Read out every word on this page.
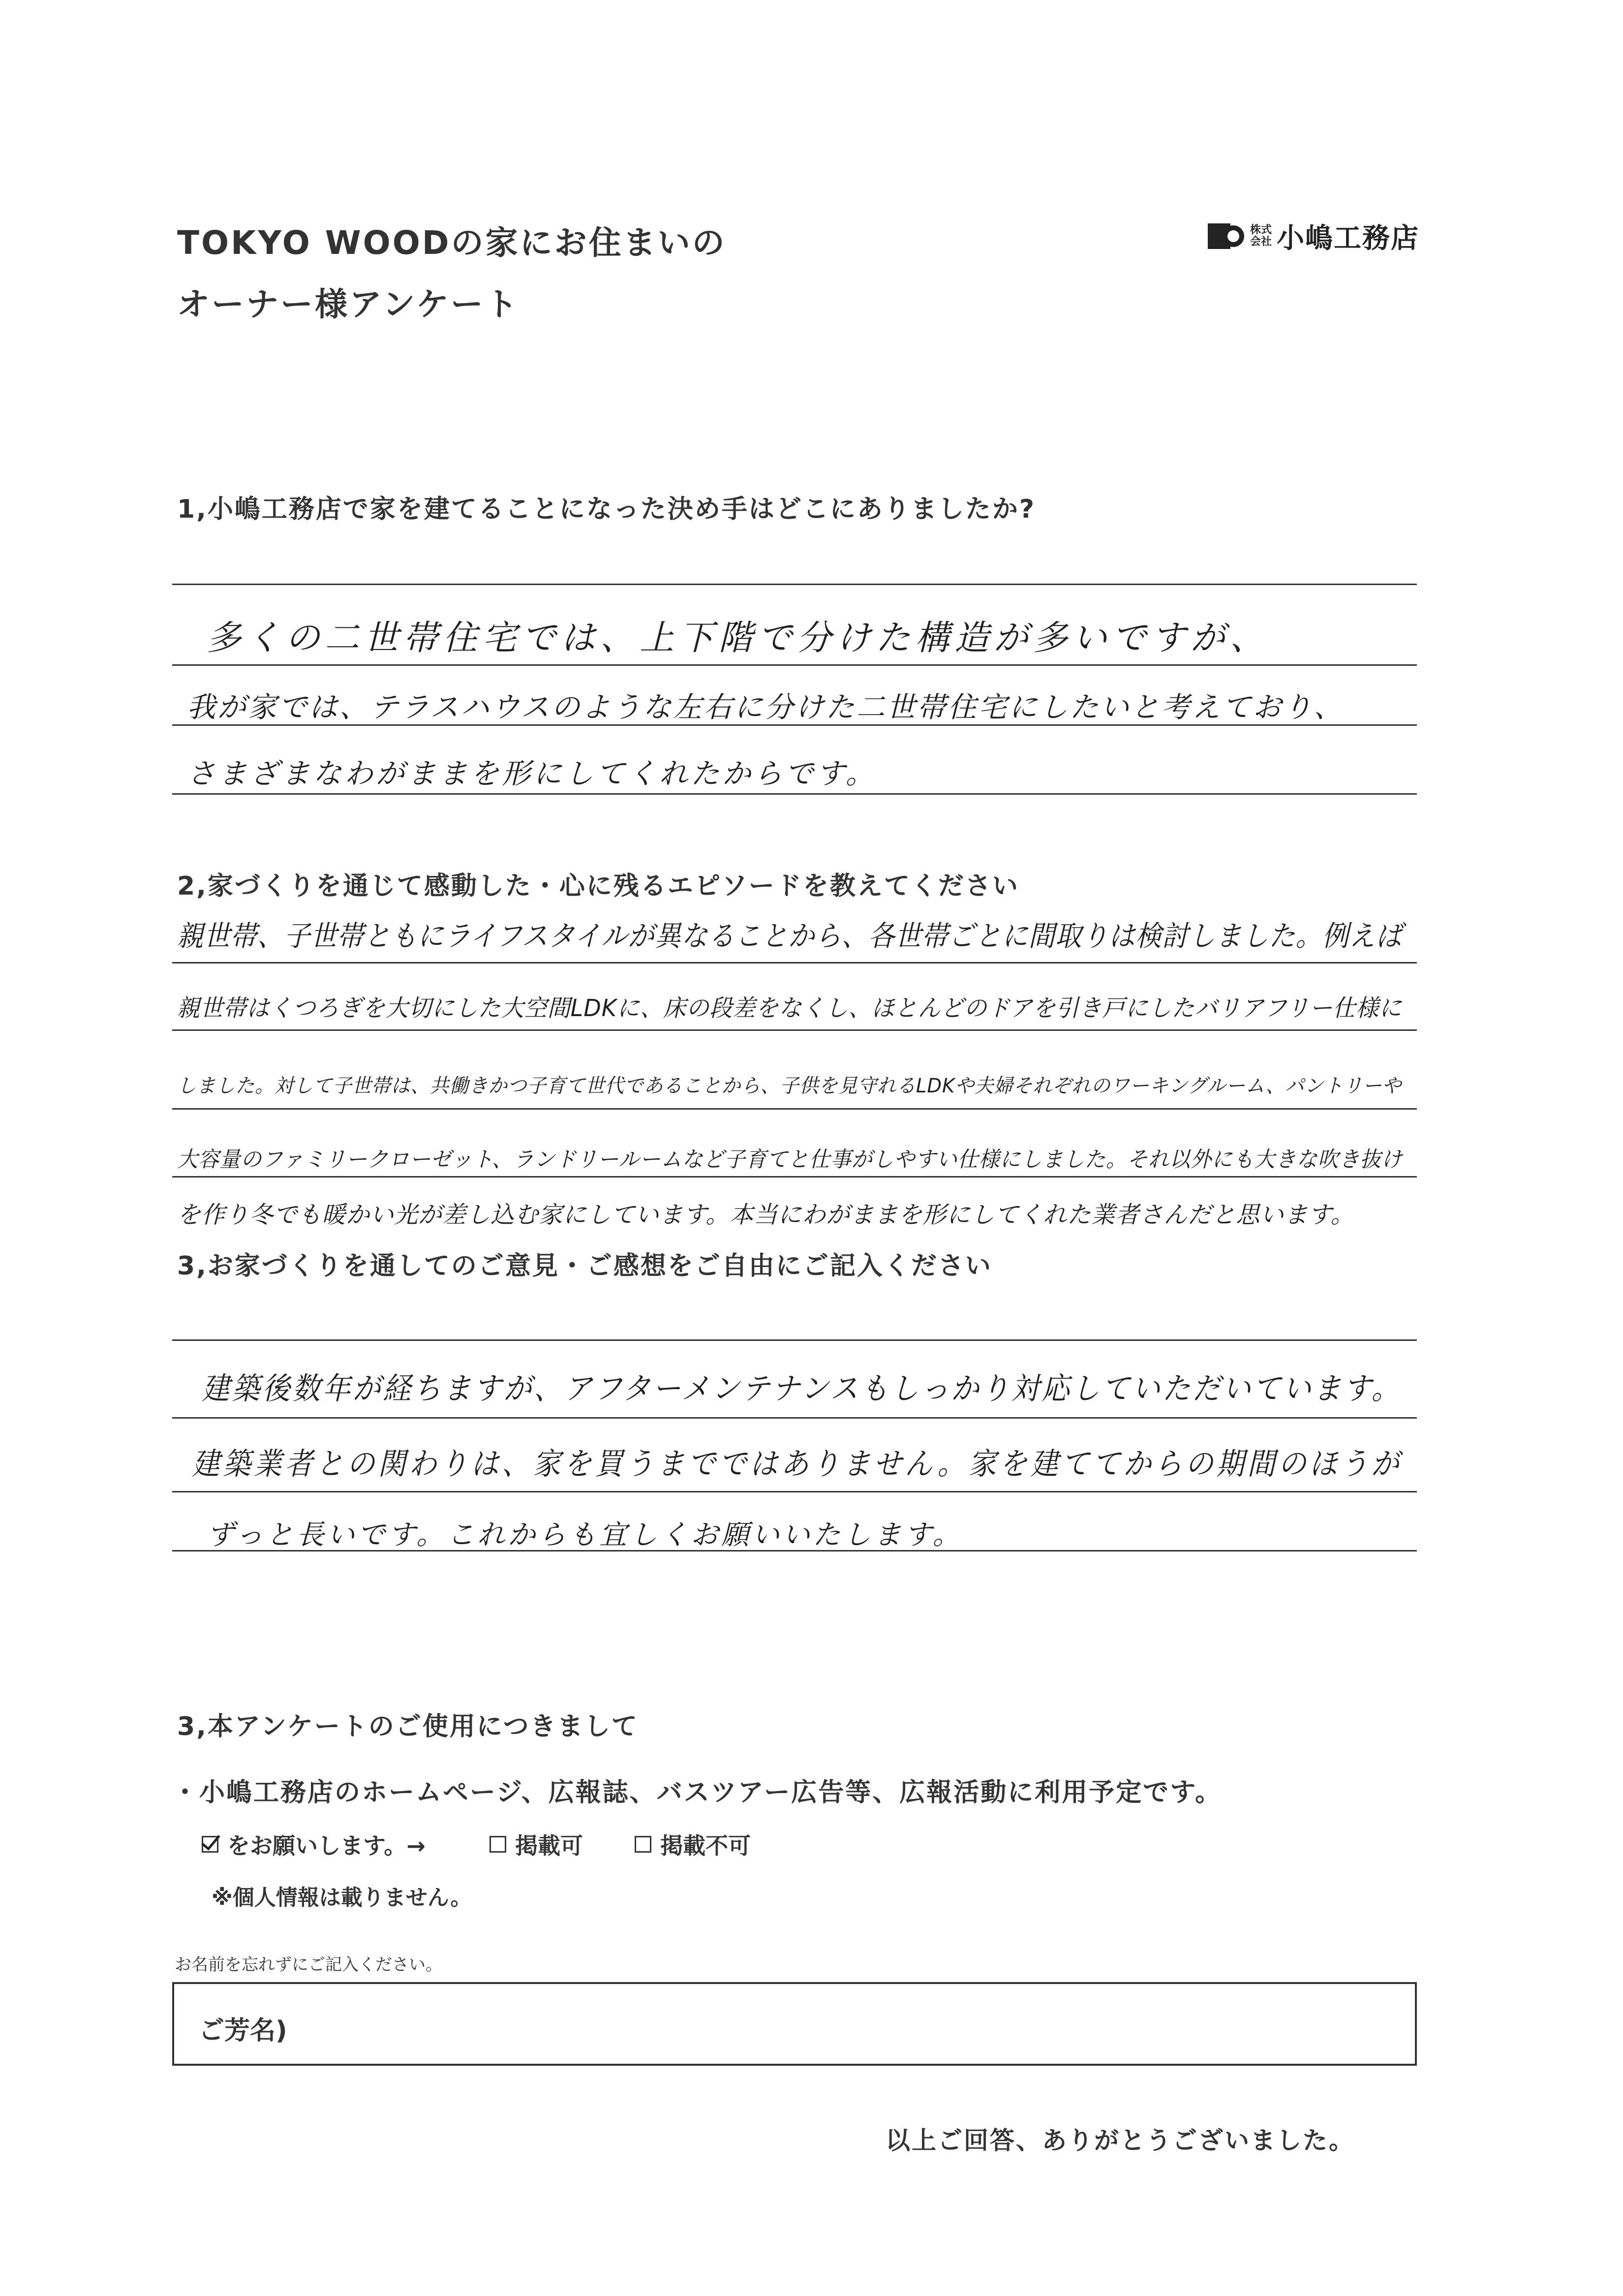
TOKYO WOODの家にお住まいの
オーナー様アンケート
株式会社 小嶋工務店
1,小嶋工務店で家を建てることになった決め手はどこにありましたか?
多くの二世帯住宅では、上下階で分けた構造が多いですが、
我が家では、テラスハウスのような左右に分けた二世帯住宅にしたいと考えており、
さまざまなわがままを形にしてくれたからです。
2,家づくりを通じて感動した・心に残るエピソードを教えてください
親世帯、子世帯ともにライフスタイルが異なることから、各世帯ごとに間取りは検討しました。例えば
親世帯はくつろぎを大切にした大空間LDKに、床の段差をなくし、ほとんどのドアを引き戸にしたバリアフリー仕様に
しました。対して子世帯は、共働きかつ子育て世代であることから、子供を見守れるLDKや夫婦それぞれのワーキングルーム、パントリーや
大容量のファミリークローゼット、ランドリールームなど子育てと仕事がしやすい仕様にしました。それ以外にも大きな吹き抜け
を作り冬でも暖かい光が差し込む家にしています。本当にわがままを形にしてくれた業者さんだと思います。
3,お家づくりを通してのご意見・ご感想をご自由にご記入ください
建築後数年が経ちますが、アフターメンテナンスもしっかり対応していただいています。
建築業者との関わりは、家を買うまでではありません。家を建ててからの期間のほうが
ずっと長いです。これからも宜しくお願いいたします。
3,本アンケートのご使用につきまして
・小嶋工務店のホームページ、広報誌、バスツアー広告等、広報活動に利用予定です。
をお願いします。→	掲載可	掲載不可
※個人情報は載りません。
お名前を忘れずにご記入ください。
ご芳名)
以上ご回答、ありがとうございました。
